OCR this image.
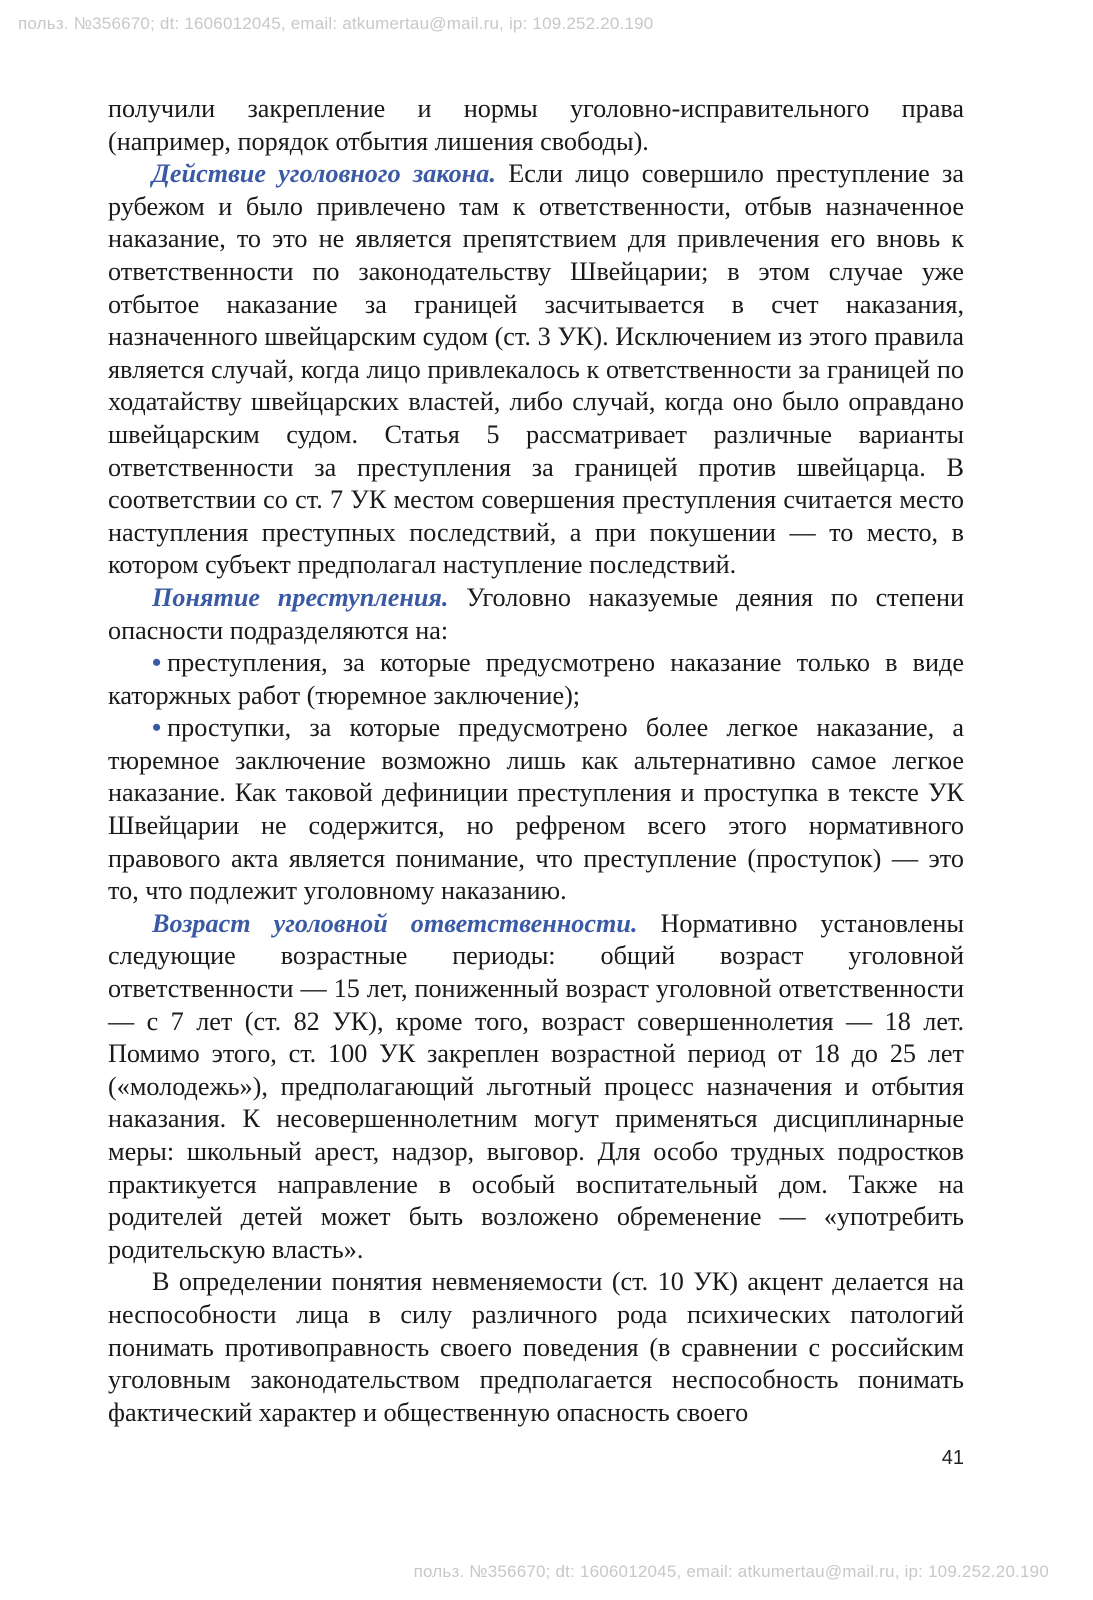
польз. №356670; dt: 1606012045, email: atkumertau@mail.ru, ip: 109.252.20.190

получили закрепление и нормы уголовно-исправительного права (например, порядок отбытия лишения свободы).

Действие уголовного закона. Если лицо совершило преступление за рубежом и было привлечено там к ответственности, отбыв назначенное наказание, то это не является препятствием для привлечения его вновь к ответственности по законодательству Швейцарии; в этом случае уже отбытое наказание за границей засчитывается в счет наказания, назначенного швейцарским судом (ст. 3 УК). Исключением из этого правила является случай, когда лицо привлекалось к ответственности за границей по ходатайству швейцарских властей, либо случай, когда оно было оправдано швейцарским судом. Статья 5 рассматривает различные варианты ответственности за преступления за границей против швейцарца. В соответствии со ст. 7 УК местом совершения преступления считается место наступления преступных последствий, а при покушении — то место, в котором субъект предполагал наступление последствий.

Понятие преступления. Уголовно наказуемые деяния по степени опасности подразделяются на:

• преступления, за которые предусмотрено наказание только в виде каторжных работ (тюремное заключение);

• проступки, за которые предусмотрено более легкое наказание, а тюремное заключение возможно лишь как альтернативно самое легкое наказание. Как таковой дефиниции преступления и проступка в тексте УК Швейцарии не содержится, но рефреном всего этого нормативного правового акта является понимание, что преступление (проступок) — это то, что подлежит уголовному наказанию.

Возраст уголовной ответственности. Нормативно установлены следующие возрастные периоды: общий возраст уголовной ответственности — 15 лет, пониженный возраст уголовной ответственности — с 7 лет (ст. 82 УК), кроме того, возраст совершеннолетия — 18 лет. Помимо этого, ст. 100 УК закреплен возрастной период от 18 до 25 лет («молодежь»), предполагающий льготный процесс назначения и отбытия наказания. К несовершеннолетним могут применяться дисциплинарные меры: школьный арест, надзор, выговор. Для особо трудных подростков практикуется направление в особый воспитательный дом. Также на родителей детей может быть возложено обременение — «употребить родительскую власть».

В определении понятия невменяемости (ст. 10 УК) акцент делается на неспособности лица в силу различного рода психических патологий понимать противоправность своего поведения (в сравнении с российским уголовным законодательством предполагается неспособность понимать фактический характер и общественную опасность своего

41
польз. №356670; dt: 1606012045, email: atkumertau@mail.ru, ip: 109.252.20.190
